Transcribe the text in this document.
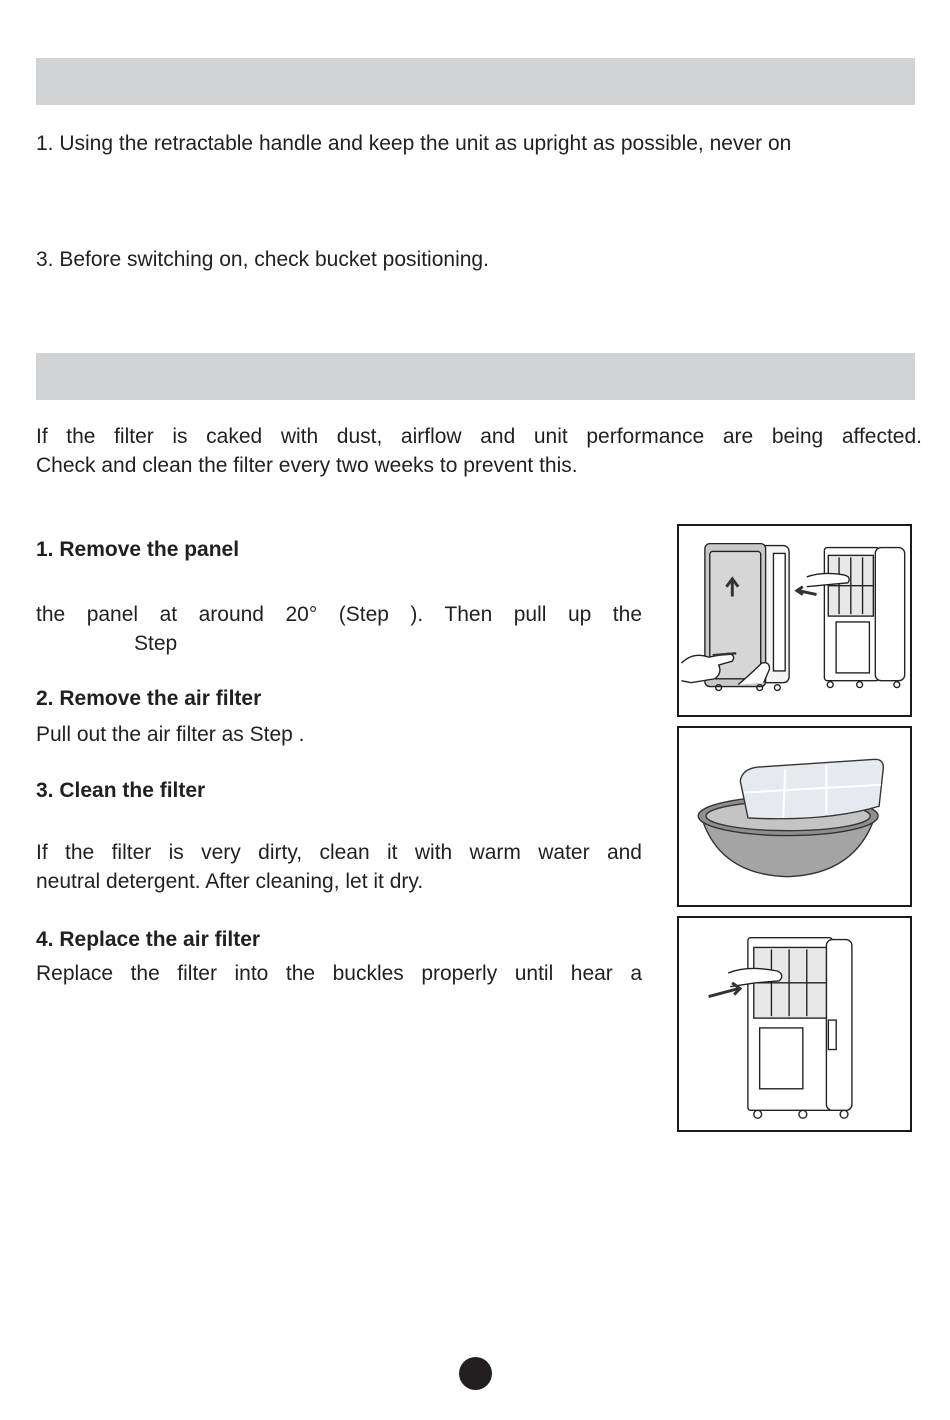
1. Using the retractable handle and keep the unit as upright as possible, never on
3. Before switching on, check bucket positioning.
If the filter is caked with dust, airflow and unit performance are being affected.
Check and clean the filter every two weeks to prevent this.
1. Remove the panel
the panel at around 20° (Step ). Then pull up the
Step
2. Remove the air filter
Pull out the air filter as Step .
3. Clean the filter
If the filter is very dirty, clean it with warm water and
neutral detergent. After cleaning, let it dry.
4. Replace the air filter
Replace the filter into the buckles properly until hear a
